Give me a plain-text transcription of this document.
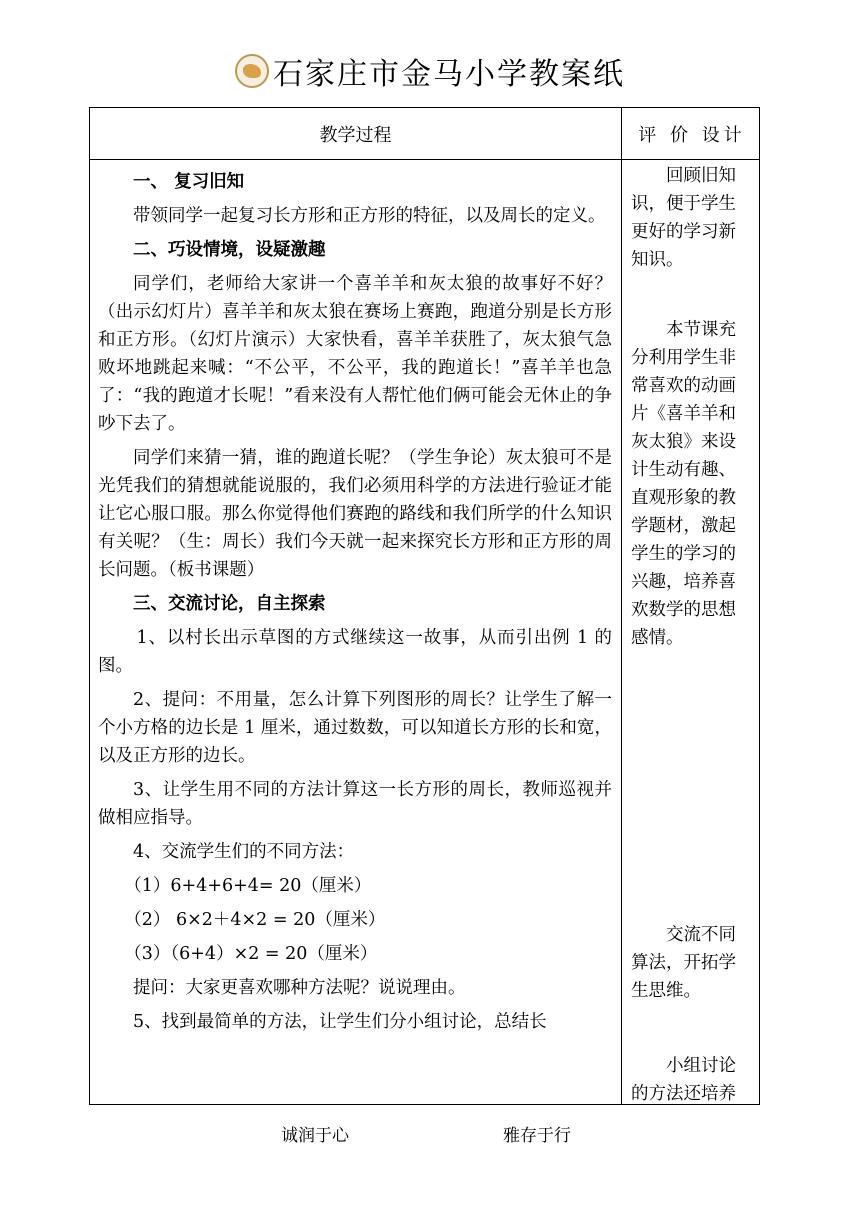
石家庄市金马小学教案纸
教学过程	评 价 设计

一、 复习旧知

带领同学一起复习长方形和正方形的特征，以及周长的定义。

二、巧设情境，设疑激趣

同学们，老师给大家讲一个喜羊羊和灰太狼的故事好不好？（出示幻灯片）喜羊羊和灰太狼在赛场上赛跑，跑道分别是长方形和正方形。（幻灯片演示）大家快看，喜羊羊获胜了，灰太狼气急败坏地跳起来喊：“不公平，不公平，我的跑道长！”喜羊羊也急了：“我的跑道才长呢！”看来没有人帮忙他们俩可能会无休止的争吵下去了。

同学们来猜一猜，谁的跑道长呢？（学生争论）灰太狼可不是光凭我们的猜想就能说服的，我们必须用科学的方法进行验证才能让它心服口服。那么你觉得他们赛跑的路线和我们所学的什么知识有关呢？（生：周长）我们今天就一起来探究长方形和正方形的周长问题。（板书课题）

三、交流讨论，自主探索

1、以村长出示草图的方式继续这一故事，从而引出例 1 的图。

2、提问：不用量，怎么计算下列图形的周长？让学生了解一个小方格的边长是 1 厘米，通过数数，可以知道长方形的长和宽，以及正方形的边长。

3、让学生用不同的方法计算这一长方形的周长，教师巡视并做相应指导。

4、交流学生们的不同方法：

（1）6+4+6+4= 20（厘米）

（2） 6×2＋4×2 = 20（厘米）

（3）（6+4）×2 = 20（厘米）

提问：大家更喜欢哪种方法呢？说说理由。

5、找到最简单的方法，让学生们分小组讨论，总结长

回顾旧知识，便于学生更好的学习新知识。

本节课充分利用学生非常喜欢的动画片《喜羊羊和灰太狼》来设计生动有趣、直观形象的教学题材，激起学生的学习的兴趣，培养喜欢数学的思想感情。

交流不同算法，开拓学生思维。

小组讨论的方法还培养

诚润于心	雅存于行
